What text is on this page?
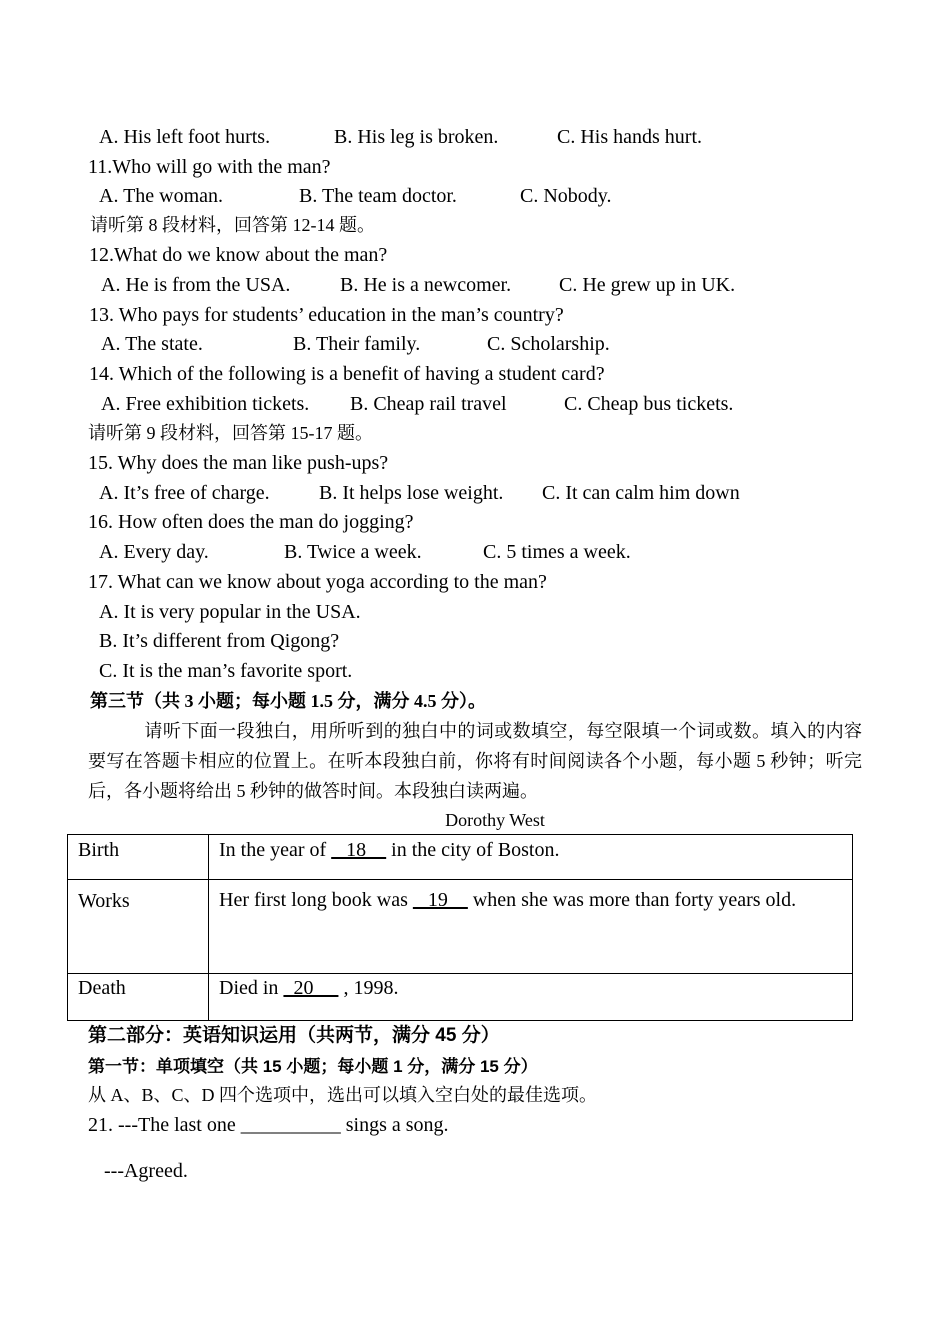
A. His left foot hurts.	B. His leg is broken.	C. His hands hurt.
11.Who will go with the man?
A. The woman.	B. The team doctor.	C. Nobody.
请听第 8 段材料，回答第 12-14 题。
12.What do we know about the man?
A. He is from the USA. B. He is a newcomer. C. He grew up in UK.
13. Who pays for students’ education in the man’s country?
A. The state.	B. Their family.	C. Scholarship.
14. Which of the following is a benefit of having a student card?
A. Free exhibition tickets. B. Cheap rail travel	C. Cheap bus tickets.
请听第 9 段材料，回答第 15-17 题。
15. Why does the man like push-ups?
A. It’s free of charge. B. It helps lose weight. C. It can calm him down
16. How often does the man do jogging?
A. Every day.	B. Twice a week.	C. 5 times a week.
17. What can we know about yoga according to the man?
A. It is very popular in the USA.
B. It’s different from Qigong?
C. It is the man’s favorite sport.
第三节（共 3 小题；每小题 1.5 分，满分 4.5 分）。
请听下面一段独白，用所听到的独白中的词或数填空，每空限填一个词或数。填入的内容要写在答题卡相应的位置上。在听本段独白前，你将有时间阅读各个小题，每小题 5 秒钟；听完后，各小题将给出 5 秒钟的做答时间。本段独白读两遍。
Dorothy West
Birth	In the year of    18     in the city of Boston.
Works	Her first long book was    19     when she was more than forty years old.

Death	Died in   20      , 1998.
第二部分：英语知识运用（共两节，满分 45 分）
第一节：单项填空（共 15 小题；每小题 1 分，满分 15 分）
从 A、B、C、D 四个选项中，选出可以填入空白处的最佳选项。
21. ---The last one __________ sings a song.
---Agreed.
